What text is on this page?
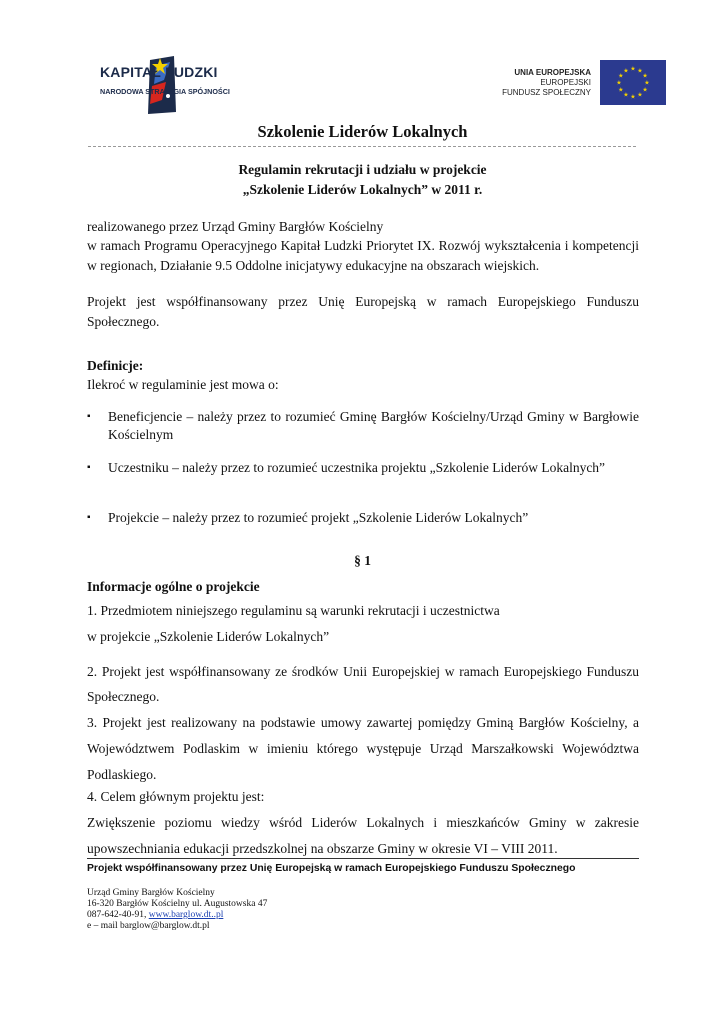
KAPITAŁ LUDZKI
NARODOWA STRATEGIA SPÓJNOŚCI
UNIA EUROPEJSKA
EUROPEJSKI
FUNDUSZ SPOŁECZNY
★
★
★
★
★
★
★
★
★ ★ ★
★
Szkolenie Liderów Lokalnych
Regulamin rekrutacji i udziału w projekcie
„Szkolenie Liderów Lokalnych” w 2011 r.
realizowanego przez Urząd Gminy Bargłów Kościelny
w ramach Programu Operacyjnego Kapitał Ludzki Priorytet IX. Rozwój wykształcenia i kompetencji w regionach, Działanie 9.5 Oddolne inicjatywy edukacyjne na obszarach wiejskich.
Projekt jest współfinansowany przez Unię Europejską w ramach Europejskiego Funduszu Społecznego.
Definicje:
Ilekroć w regulaminie jest mowa o:
▪ Beneficjencie – należy przez to rozumieć Gminę Bargłów Kościelny/Urząd Gminy w Bargłowie Kościelnym
▪ Uczestniku – należy przez to rozumieć uczestnika projektu „Szkolenie Liderów Lokalnych”
▪ Projekcie – należy przez to rozumieć projekt „Szkolenie Liderów Lokalnych”
§ 1
Informacje ogólne o projekcie
1. Przedmiotem niniejszego regulaminu są warunki rekrutacji i uczestnictwa
w projekcie „Szkolenie Liderów Lokalnych”
2. Projekt jest współfinansowany ze środków Unii Europejskiej w ramach Europejskiego Funduszu Społecznego.
3. Projekt jest realizowany na podstawie umowy zawartej pomiędzy Gminą Bargłów Kościelny, a Województwem Podlaskim w imieniu którego występuje Urząd Marszałkowski Województwa Podlaskiego.
4. Celem głównym projektu jest:
Zwiększenie poziomu wiedzy wśród Liderów Lokalnych i mieszkańców Gminy w zakresie upowszechniania edukacji przedszkolnej na obszarze Gminy w okresie VI – VIII 2011.
Projekt współfinansowany przez Unię Europejską w ramach Europejskiego Funduszu Społecznego
Urząd Gminy Bargłów Kościelny
16-320 Bargłów Kościelny ul. Augustowska 47
087-642-40-91, www.barglow.dt..pl
e – mail barglow@barglow.dt.pl
